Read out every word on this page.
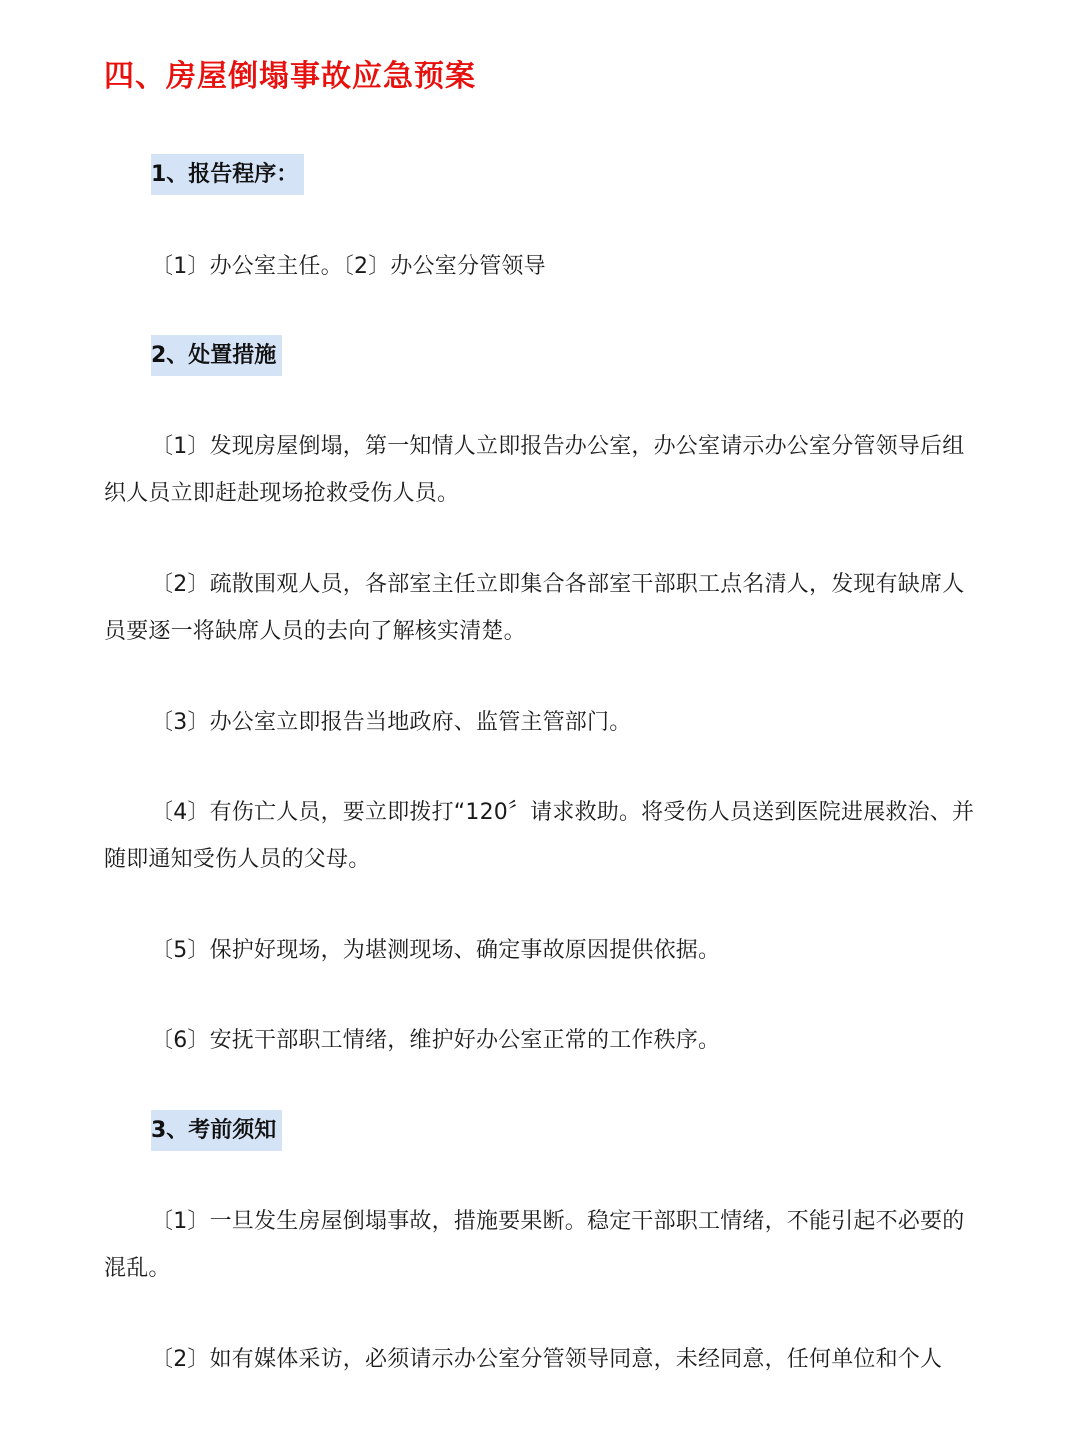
四、房屋倒塌事故应急预案
1、报告程序：

〔1〕办公室主任。〔2〕办公室分管领导

2、处置措施

〔1〕发现房屋倒塌，第一知情人立即报告办公室，办公室请示办公室分管领导后组织人员立即赶赴现场抢救受伤人员。

〔2〕疏散围观人员，各部室主任立即集合各部室干部职工点名清人，发现有缺席人员要逐一将缺席人员的去向了解核实清楚。

〔3〕办公室立即报告当地政府、监管主管部门。

〔4〕有伤亡人员，要立即拨打“120〞请求救助。将受伤人员送到医院进展救治、并随即通知受伤人员的父母。

〔5〕保护好现场，为堪测现场、确定事故原因提供依据。

〔6〕安抚干部职工情绪，维护好办公室正常的工作秩序。

3、考前须知

〔1〕一旦发生房屋倒塌事故，措施要果断。稳定干部职工情绪，不能引起不必要的混乱。

〔2〕如有媒体采访，必须请示办公室分管领导同意，未经同意，任何单位和个人
